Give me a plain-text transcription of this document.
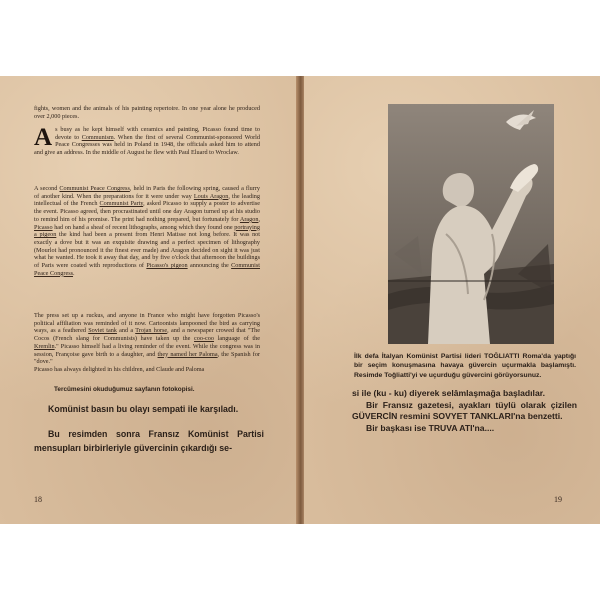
fights, women and the animals of his painting repertoire. In one year alone he produced over 2,000 pieces.
As busy as he kept himself with ceramics and painting, Picasso found time to devote to Communism. When the first of several Communist-sponsored World Peace Congresses was held in Poland in 1948, the officials asked him to attend and give an address. In the middle of August he flew with Paul Eluard to Wroclaw.
A second Communist Peace Congress, held in Paris the following spring, caused a flurry of another kind. When the preparations for it were under way Louis Aragon, the leading intellectual of the French Communist Party, asked Picasso to supply a poster to advertise the event. Picasso agreed, then procrastinated until one day Aragon turned up at his studio to remind him of his promise. The print had nothing prepared, but fortunately for Aragon, Picasso had on hand a sheaf of recent lithographs, among which they found one portraying a pigeon the kind had been a present from Henri Matisse not long before. It was not exactly a dove but it was an exquisite drawing and a perfect specimen of lithography (Mourlot had pronounced it the finest ever made) and Aragon decided on sight it was just what he wanted. He took it away that day, and by five o'clock that afternoon the buildings of Paris were coated with reproductions of Picasso's pigeon announcing the Communist Peace Congress.
The press set up a ruckus, and anyone in France who might have forgotten Picasso's political affiliation was reminded of it now. Cartoonists lampooned the bird as carrying ways, as a feathered Soviet tank and a Trojan horse, and a newspaper crowed that "The Cocos (French slang for Communists) have taken up the coo-coo language of the Kremlin." Picasso himself had a living reminder of the event. While the congress was in session, Françoise gave birth to a daughter, and they named her Paloma, the Spanish for "dove."
Picasso has always delighted in his children, and Claude and Paloma
Tercümesini okuduğumuz sayfanın fotokopisi.

Komünist basın bu olayı sempati ile karşıladı.

Bu resimden sonra Fransız Komünist Partisi mensupları birbirleriyle güvercinin çıkardığı se-

18
İlk defa İtalyan Komünist Partisi lideri TOĞLIATTI Roma'da yaptığı bir seçim konuşmasına havaya güvercin uçurmakla başlamıştı. Resimde Toğliatti'yi ve uçurduğu güvercini görüyorsunuz.

si ile (ku - ku) diyerek selâmlaşmağa başladılar.

Bir Fransız gazetesi, ayakları tüylü olarak çizilen GÜVERCİN resmini SOVYET TANKLARI'na benzetti.

Bir başkası ise TRUVA ATI'na....

19
